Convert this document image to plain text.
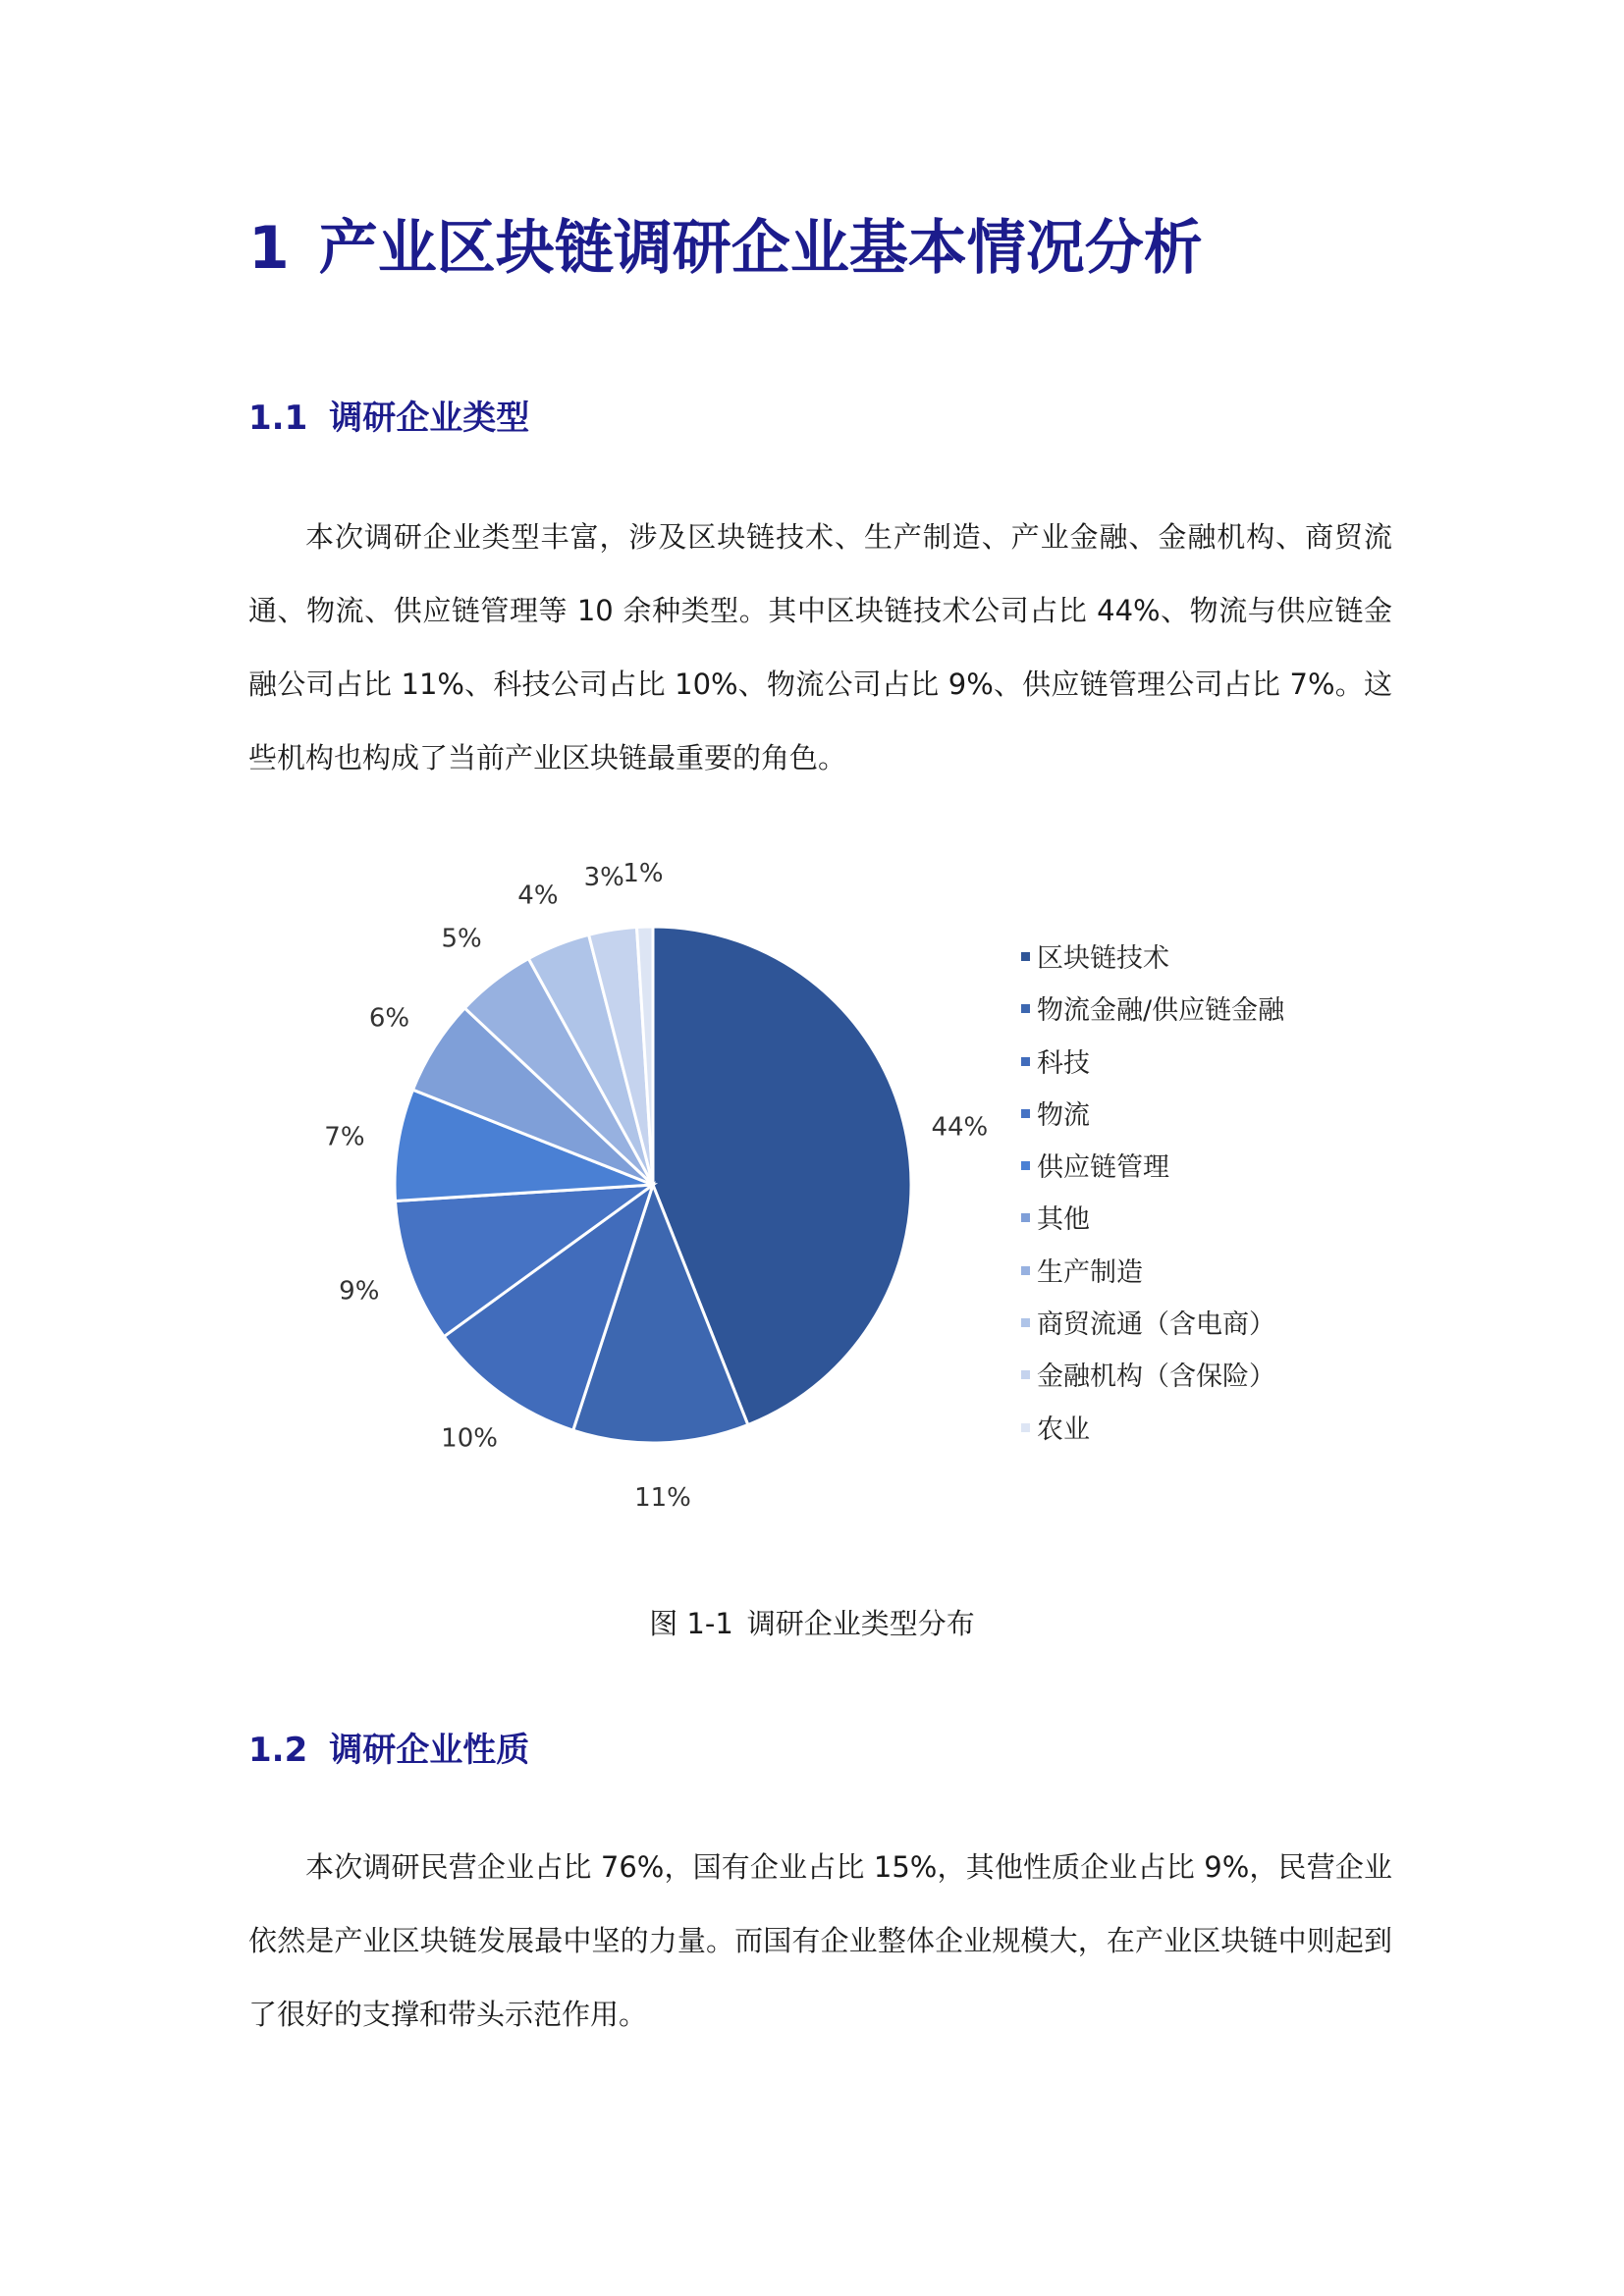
1 产业区块链调研企业基本情况分析
1.1 调研企业类型

本次调研企业类型丰富，涉及区块链技术、生产制造、产业金融、金融机构、商贸流通、物流、供应链管理等 10 余种类型。其中区块链技术公司占比 44%、物流与供应链金融公司占比 11%、科技公司占比 10%、物流公司占比 9%、供应链管理公司占比 7%。这些机构也构成了当前产业区块链最重要的角色。

44%
11%
10%
9%
7%
6%
5%
4%
3%
1%
区块链技术
物流金融/供应链金融
科技
物流
供应链管理
其他
生产制造
商贸流通（含电商）
金融机构（含保险）
农业
图 1-1 调研企业类型分布
1.2 调研企业性质

本次调研民营企业占比 76%，国有企业占比 15%，其他性质企业占比 9%，民营企业依然是产业区块链发展最中坚的力量。而国有企业整体企业规模大，在产业区块链中则起到了很好的支撑和带头示范作用。
